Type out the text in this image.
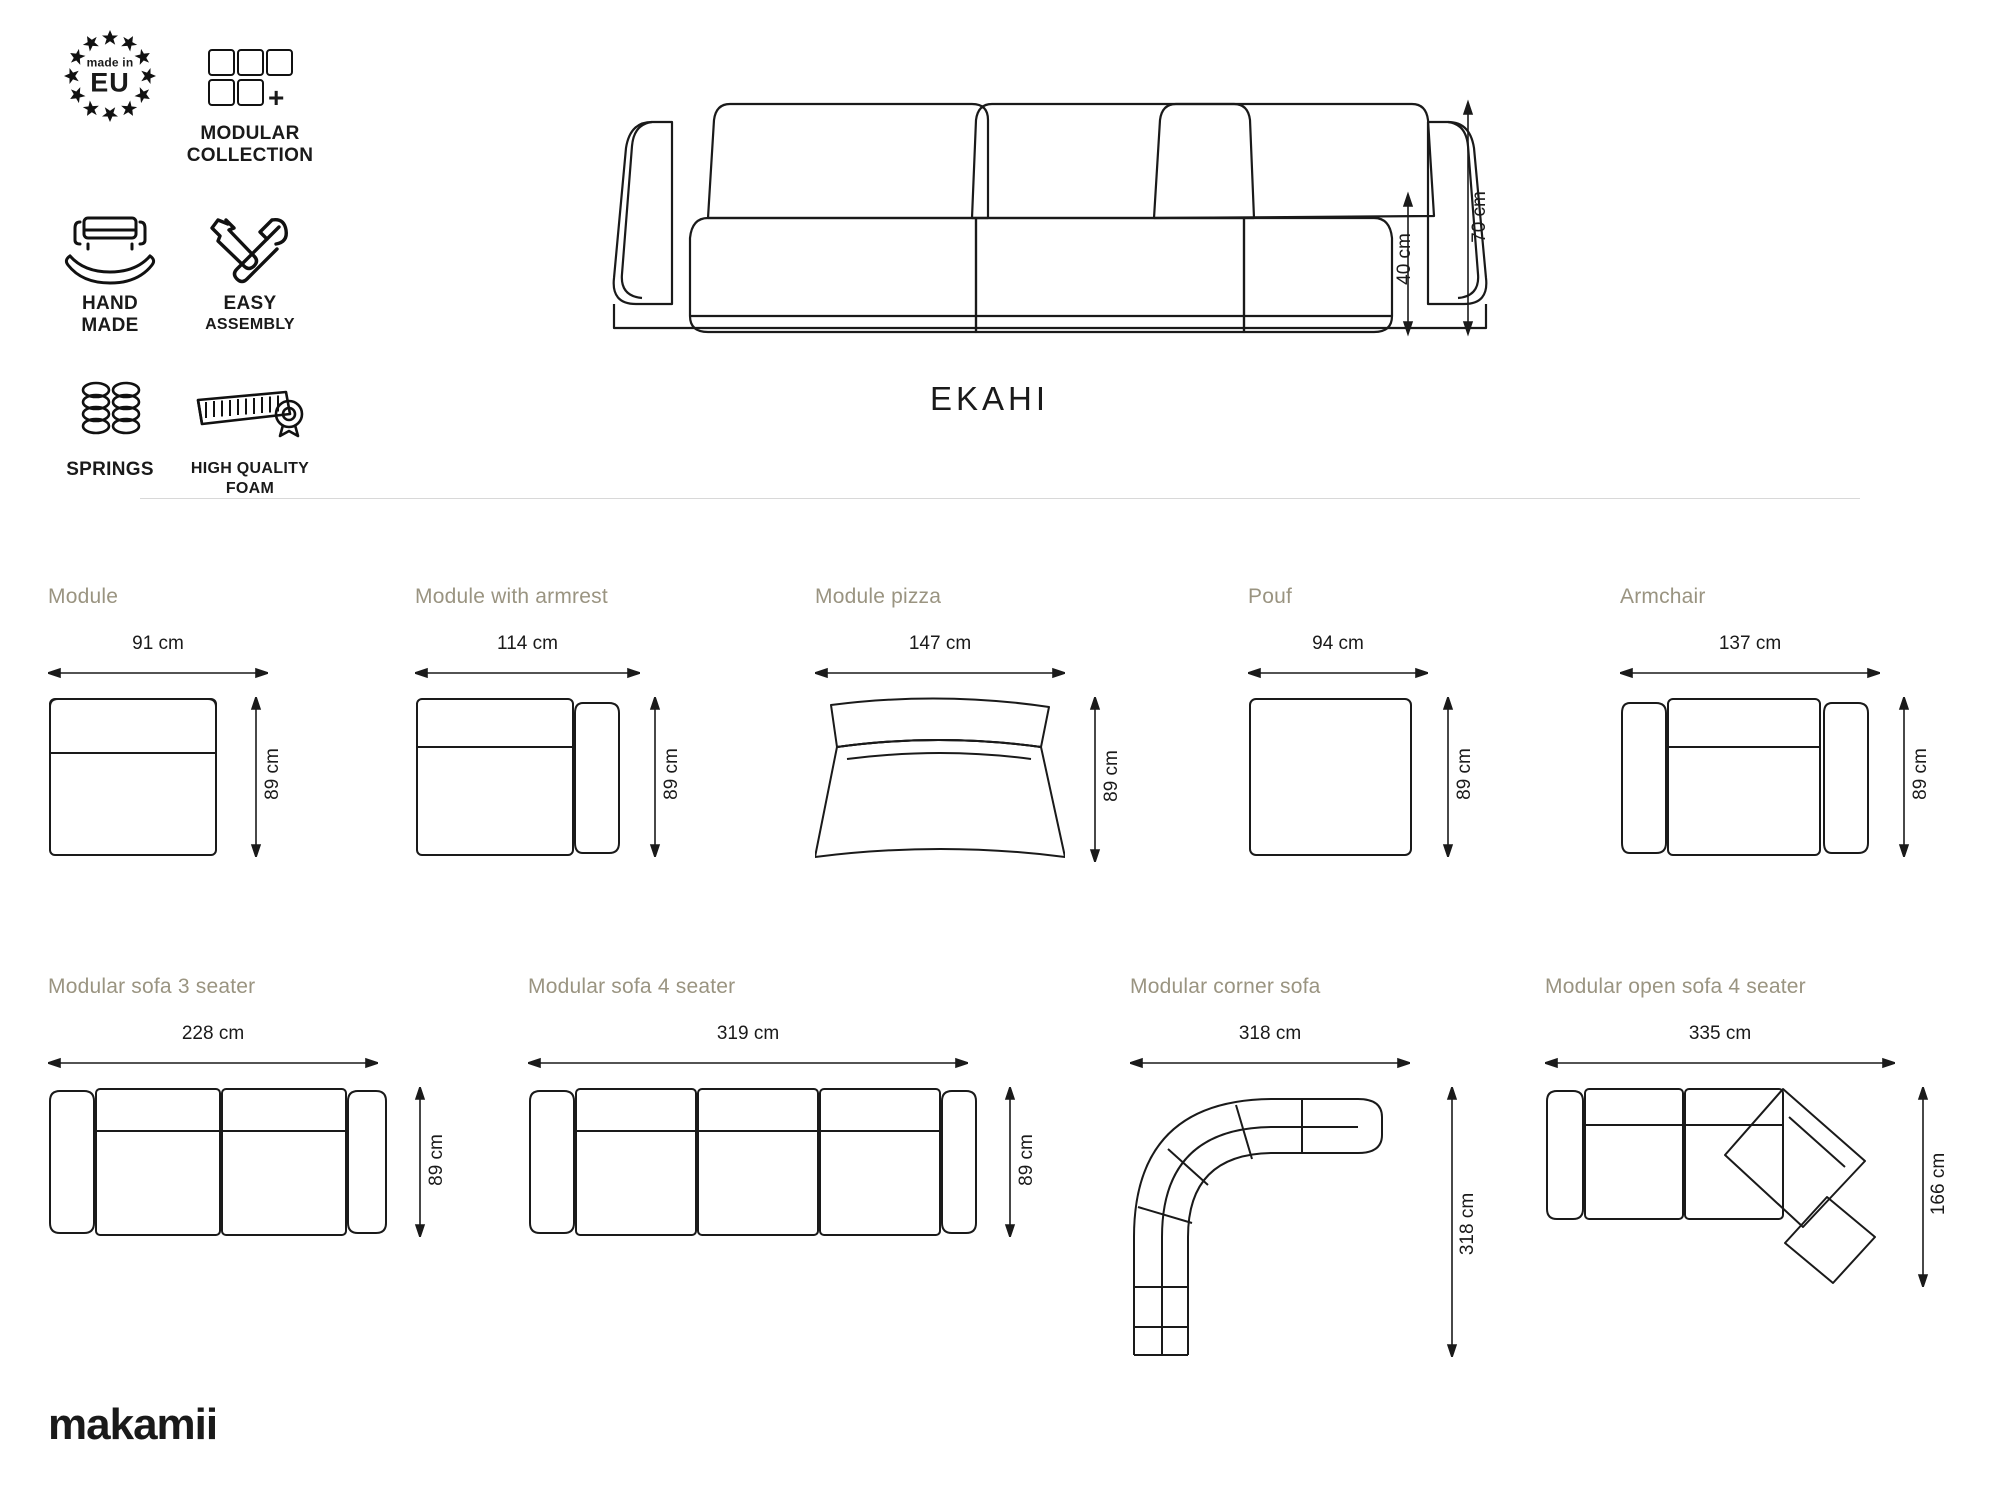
made in
EU	+
MODULAR
COLLECTION
HAND
MADE
EASY
ASSEMBLY
SPRINGS	HIGH QUALITY
FOAM
40 cm
70 cm
EKAHI
Module
91 cm
89 cm
Module with armrest
114 cm
89 cm
Module pizza
147 cm
89 cm
Pouf
94 cm
89 cm
Armchair
137 cm
89 cm
Modular sofa 3 seater
228 cm
89 cm
Modular sofa 4 seater
319 cm
89 cm
Modular corner sofa
318 cm
318 cm
Modular open sofa 4 seater
335 cm
166 cm
makamii
